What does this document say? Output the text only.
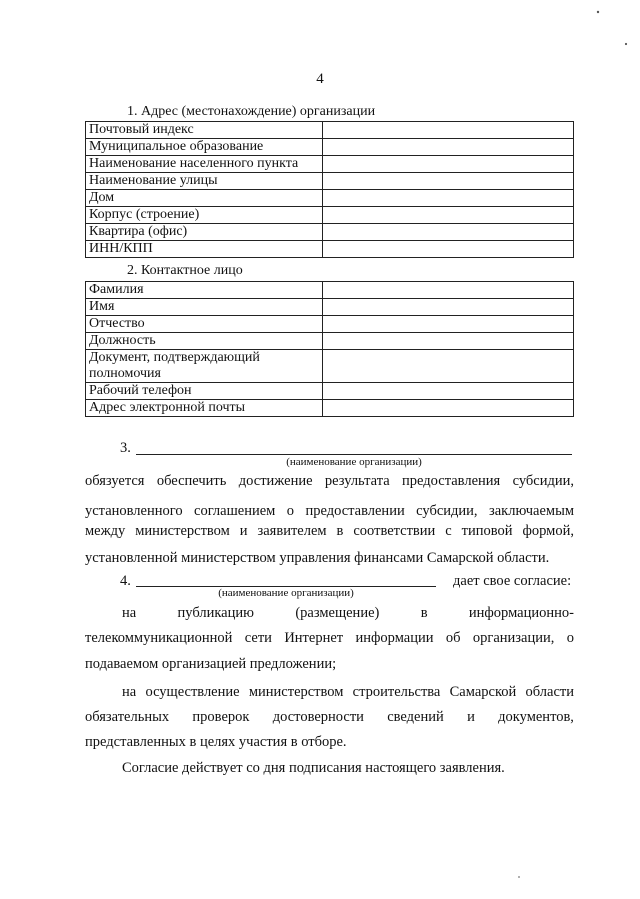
4
1. Адрес (местонахождение) организации
Почтовый индекс	
Муниципальное образование	
Наименование населенного пункта	
Наименование улицы	
Дом	
Корпус (строение)	
Квартира (офис)	
ИНН/КПП	
2. Контактное лицо
Фамилия	
Имя	
Отчество	
Должность	
Документ, подтверждающий полномочия	
Рабочий телефон	
Адрес электронной почты	
3.
(наименование организации)
обязуется обеспечить достижение результата предоставления субсидии,
установленного соглашением о предоставлении субсидии, заключаемым
между министерством и заявителем в соответствии с типовой формой,
установленной министерством управления финансами Самарской области.
4.	дает свое согласие:
(наименование организации)
на	публикацию	(размещение)	в	информационно-
телекоммуникационной сети Интернет информации об организации, о
подаваемом организацией предложении;
на осуществление министерством строительства Самарской области
обязательных проверок достоверности сведений и документов,
представленных в целях участия в отборе.
Согласие действует со дня подписания настоящего заявления.
